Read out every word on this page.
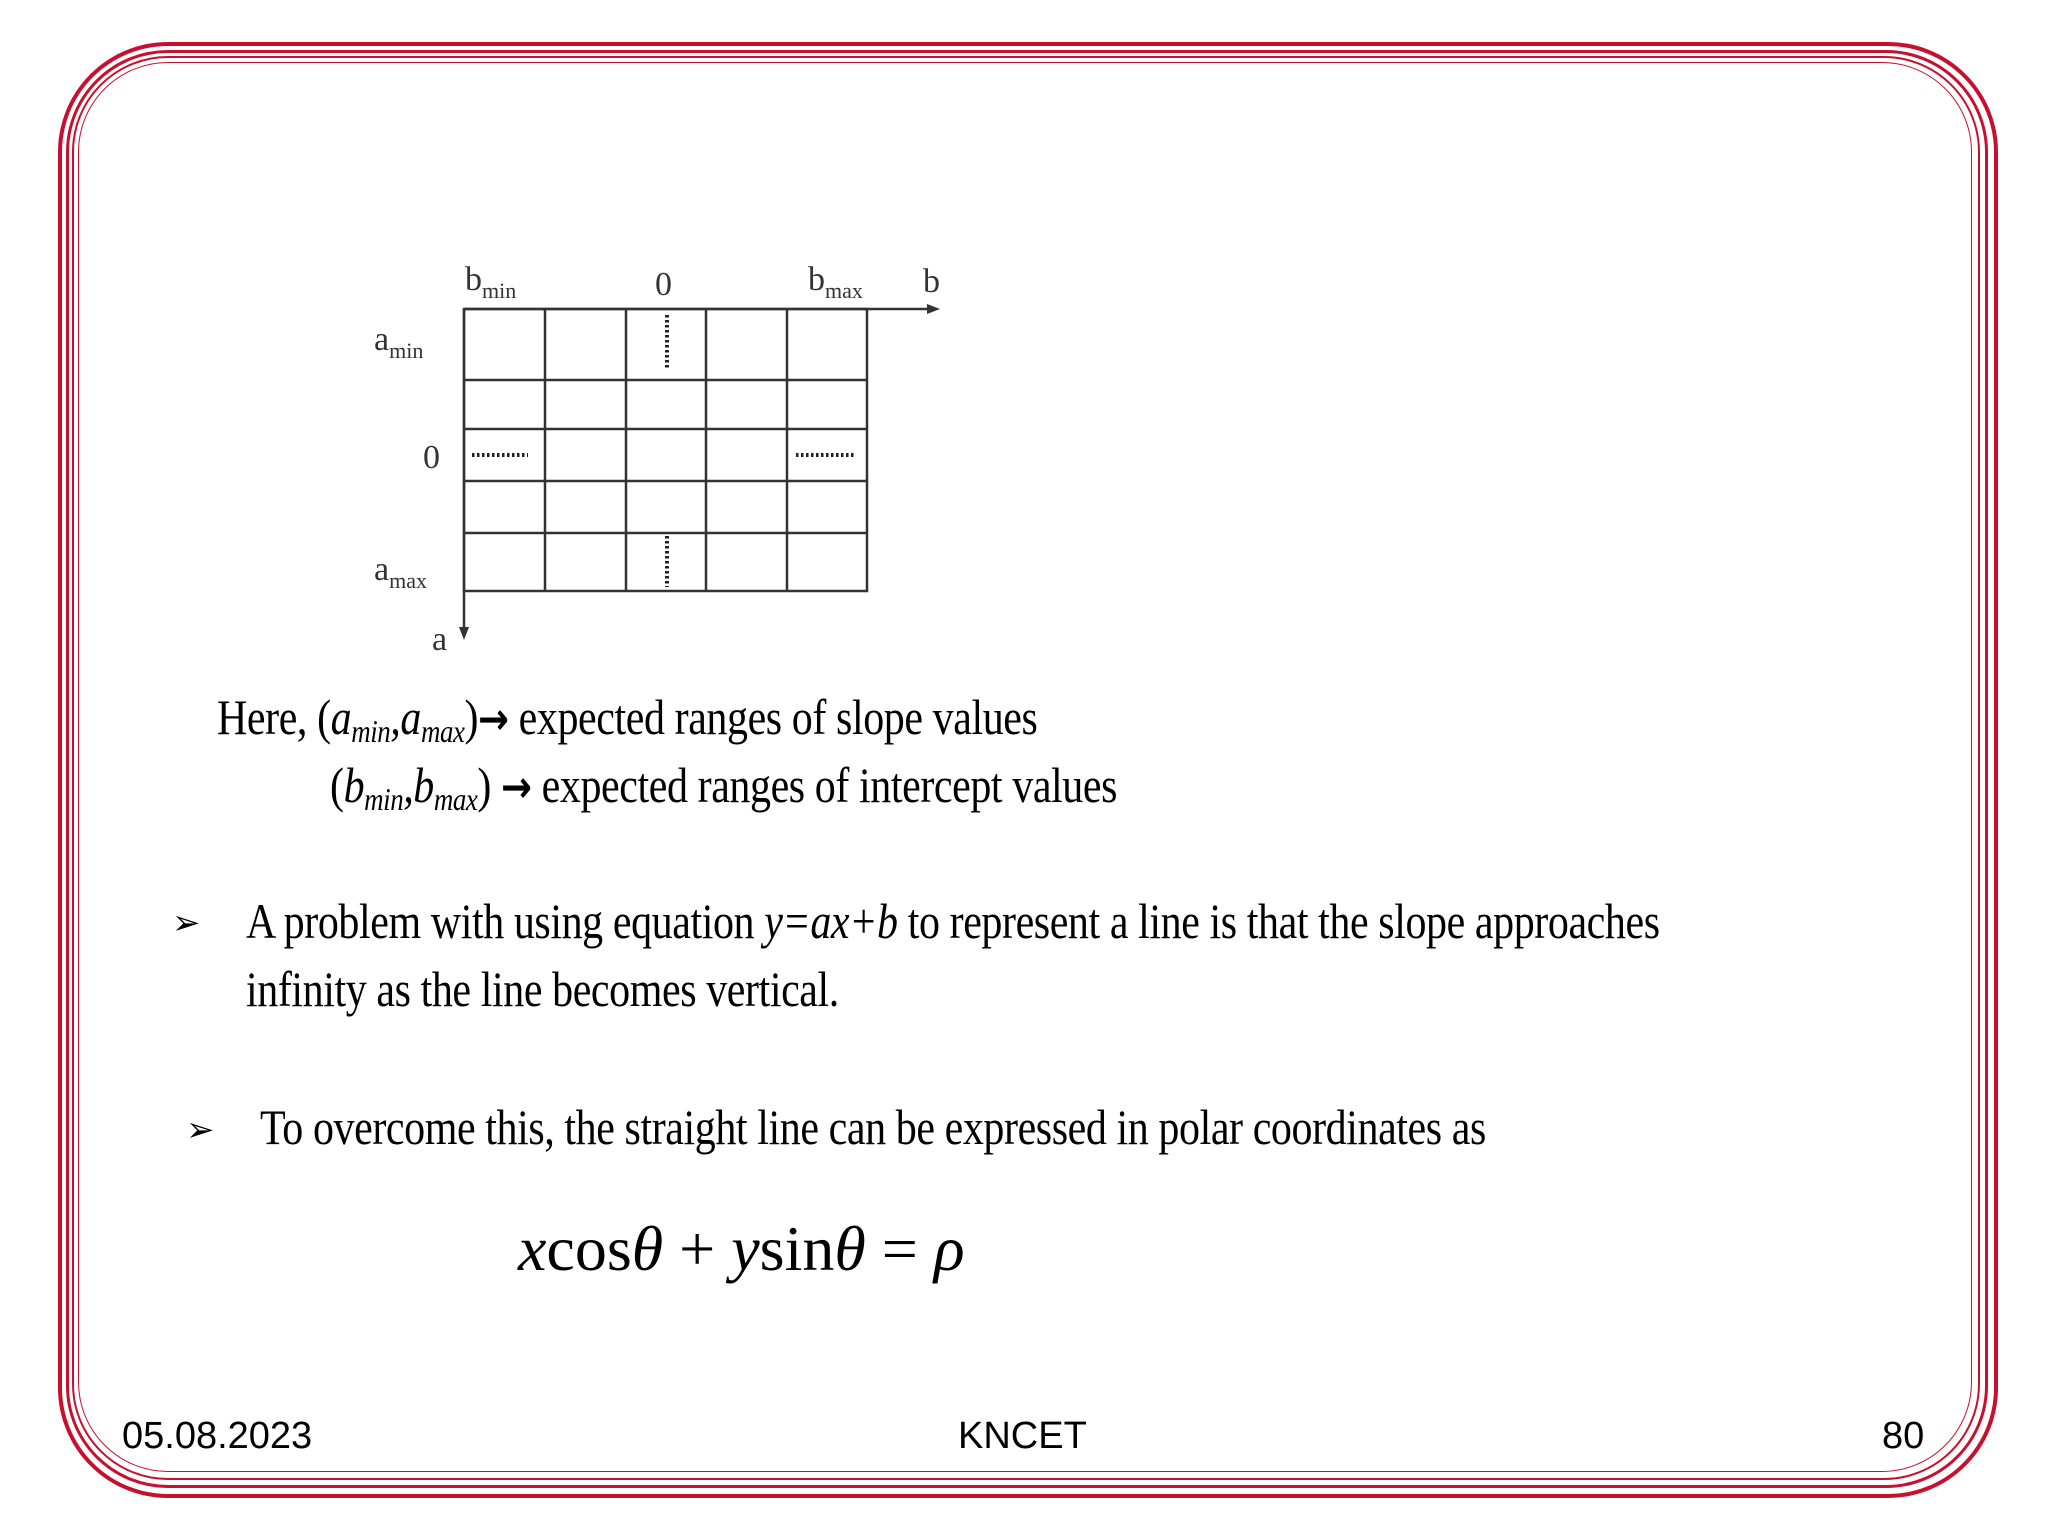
$b_{min}$	0	$b_{max}$ b
$a_{min}$
0
$a_{max}$
a
Here, $(a_{min},a_{max})\to$ expected ranges of slope values
$(b_{min},b_{max})$ → expected ranges of intercept values
➢ A problem with using equation y=ax+b to represent a line is that the slope approaches
infinity as the line becomes vertical.
➢ To overcome this, the straight line can be expressed in polar coordinates as
xcosθ + ysinθ = ρ
05.08.2023	KNCET	80
